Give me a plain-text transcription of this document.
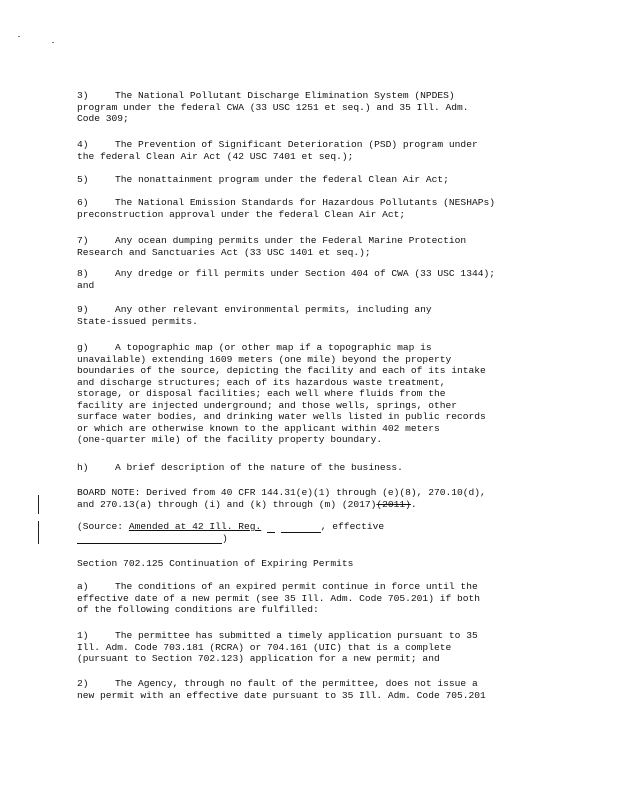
3)	The National Pollutant Discharge Elimination System (NPDES)
program under the federal CWA (33 USC 1251 et seq.) and 35 Ill. Adm.
Code 309;

4)	The Prevention of Significant Deterioration (PSD) program under
the federal Clean Air Act (42 USC 7401 et seq.);

5)	The nonattainment program under the federal Clean Air Act;

6)	The National Emission Standards for Hazardous Pollutants (NESHAPs)
preconstruction approval under the federal Clean Air Act;

7)	Any ocean dumping permits under the Federal Marine Protection
Research and Sanctuaries Act (33 USC 1401 et seq.);

8)	Any dredge or fill permits under Section 404 of CWA (33 USC 1344);
and

9)	Any other relevant environmental permits, including any
State-issued permits.

g)	A topographic map (or other map if a topographic map is
unavailable) extending 1609 meters (one mile) beyond the property
boundaries of the source, depicting the facility and each of its intake
and discharge structures; each of its hazardous waste treatment,
storage, or disposal facilities; each well where fluids from the
facility are injected underground; and those wells, springs, other
surface water bodies, and drinking water wells listed in public records
or which are otherwise known to the applicant within 402 meters
(one-quarter mile) of the facility property boundary.

h)	A brief description of the nature of the business.

BOARD NOTE: Derived from 40 CFR 144.31(e)(1) through (e)(8), 270.10(d),
and 270.13(a) through (i) and (k) through (m) (2017)(2011).

(Source: Amended at 42 Ill. Reg.	, effective
)

Section 702.125 Continuation of Expiring Permits

a)	The conditions of an expired permit continue in force until the
effective date of a new permit (see 35 Ill. Adm. Code 705.201) if both
of the following conditions are fulfilled:

1)	The permittee has submitted a timely application pursuant to 35
Ill. Adm. Code 703.181 (RCRA) or 704.161 (UIC) that is a complete
(pursuant to Section 702.123) application for a new permit; and

2)	The Agency, through no fault of the permittee, does not issue a
new permit with an effective date pursuant to 35 Ill. Adm. Code 705.201
